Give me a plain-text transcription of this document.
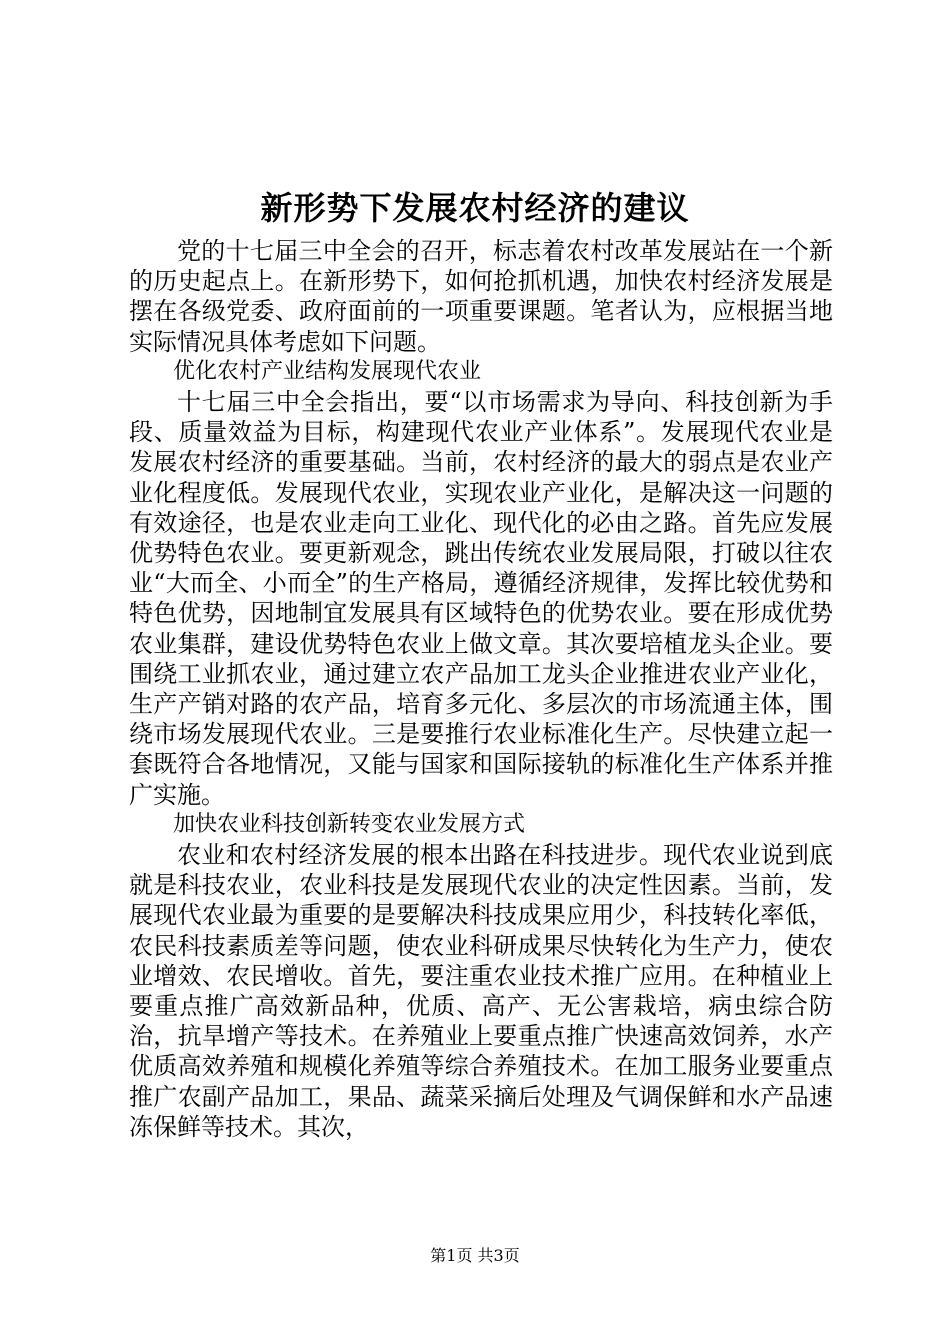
新形势下发展农村经济的建议

党的十七届三中全会的召开，标志着农村改革发展站在一个新的历史起点上。在新形势下，如何抢抓机遇，加快农村经济发展是摆在各级党委、政府面前的一项重要课题。笔者认为，应根据当地实际情况具体考虑如下问题。

优化农村产业结构发展现代农业

十七届三中全会指出，要“以市场需求为导向、科技创新为手段、质量效益为目标，构建现代农业产业体系”。发展现代农业是发展农村经济的重要基础。当前，农村经济的最大的弱点是农业产业化程度低。发展现代农业，实现农业产业化，是解决这一问题的有效途径，也是农业走向工业化、现代化的必由之路。首先应发展优势特色农业。要更新观念，跳出传统农业发展局限，打破以往农业“大而全、小而全”的生产格局，遵循经济规律，发挥比较优势和特色优势，因地制宜发展具有区域特色的优势农业。要在形成优势农业集群，建设优势特色农业上做文章。其次要培植龙头企业。要围绕工业抓农业，通过建立农产品加工龙头企业推进农业产业化，生产产销对路的农产品，培育多元化、多层次的市场流通主体，围绕市场发展现代农业。三是要推行农业标准化生产。尽快建立起一套既符合各地情况，又能与国家和国际接轨的标准化生产体系并推广实施。

加快农业科技创新转变农业发展方式

农业和农村经济发展的根本出路在科技进步。现代农业说到底就是科技农业，农业科技是发展现代农业的决定性因素。当前，发展现代农业最为重要的是要解决科技成果应用少，科技转化率低，农民科技素质差等问题，使农业科研成果尽快转化为生产力，使农业增效、农民增收。首先，要注重农业技术推广应用。在种植业上要重点推广高效新品种，优质、高产、无公害栽培，病虫综合防治，抗旱增产等技术。在养殖业上要重点推广快速高效饲养，水产优质高效养殖和规模化养殖等综合养殖技术。在加工服务业要重点推广农副产品加工，果品、蔬菜采摘后处理及气调保鲜和水产品速冻保鲜等技术。其次，

第1页 共3页
